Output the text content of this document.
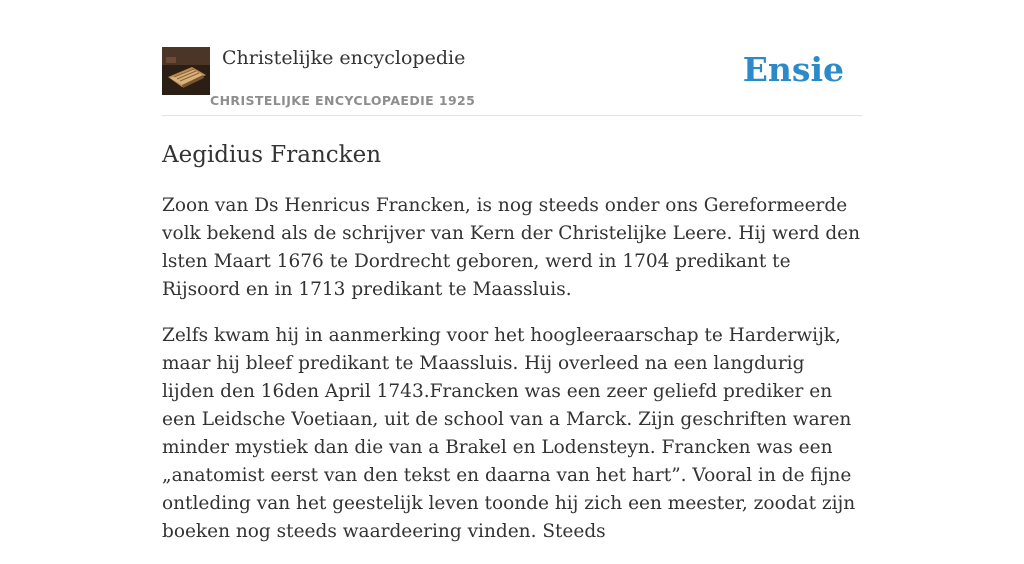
Christelijke encyclopedie
CHRISTELIJKE ENCYCLOPAEDIE 1925
Ensie
Aegidius Francken

Zoon van Ds Henricus Francken, is nog steeds onder ons Gereformeerde volk bekend als de schrijver van Kern der Christelijke Leere. Hij werd den lsten Maart 1676 te Dordrecht geboren, werd in 1704 predikant te Rijsoord en in 1713 predikant te Maassluis.

Zelfs kwam hij in aanmerking voor het hoogleeraarschap te Harderwijk, maar hij bleef predikant te Maassluis. Hij overleed na een langdurig lijden den 16den April 1743.Francken was een zeer geliefd prediker en een Leidsche Voetiaan, uit de school van a Marck. Zijn geschriften waren minder mystiek dan die van a Brakel en Lodensteyn. Francken was een „anatomist eerst van den tekst en daarna van het hart”. Vooral in de fijne ontleding van het geestelijk leven toonde hij zich een meester, zoodat zijn boeken nog steeds waardeering vinden. Steeds
